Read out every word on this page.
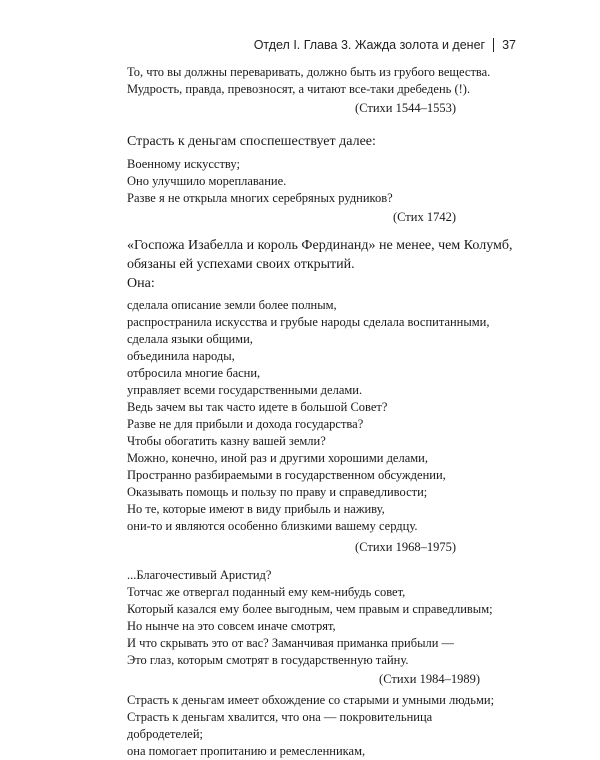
Отдел I. Глава 3. Жажда золота и денег 37
То, что вы должны переваривать, должно быть из грубого вещества.
Мудрость, правда, превозносят, а читают все-таки дребедень (!).
(Стихи 1544–1553)
Страсть к деньгам споспешествует далее:
Военному искусству;
Оно улучшило мореплавание.
Разве я не открыла многих серебряных рудников?
(Стих 1742)
«Госпожа Изабелла и король Фердинанд» не менее, чем Колумб,
обязаны ей успехами своих открытий.
Она:
сделала описание земли более полным,
распространила искусства и грубые народы сделала воспитанными,
сделала языки общими,
объединила народы,
отбросила многие басни,
управляет всеми государственными делами.
Ведь зачем вы так часто идете в большой Совет?
Разве не для прибыли и дохода государства?
Чтобы обогатить казну вашей земли?
Можно, конечно, иной раз и другими хорошими делами,
Пространно разбираемыми в государственном обсуждении,
Оказывать помощь и пользу по праву и справедливости;
Но те, которые имеют в виду прибыль и наживу,
они-то и являются особенно близкими вашему сердцу.
(Стихи 1968–1975)
...Благочестивый Аристид?
Тотчас же отвергал поданный ему кем-нибудь совет,
Который казался ему более выгодным, чем правым и справедливым;
Но нынче на это совсем иначе смотрят,
И что скрывать это от вас? Заманчивая приманка прибыли —
Это глаз, которым смотрят в государственную тайну.
(Стихи 1984–1989)
Страсть к деньгам имеет обхождение со старыми и умными людьми;
Страсть к деньгам хвалится, что она — покровительница
добродетелей;
она помогает пропитанию и ремесленникам,
